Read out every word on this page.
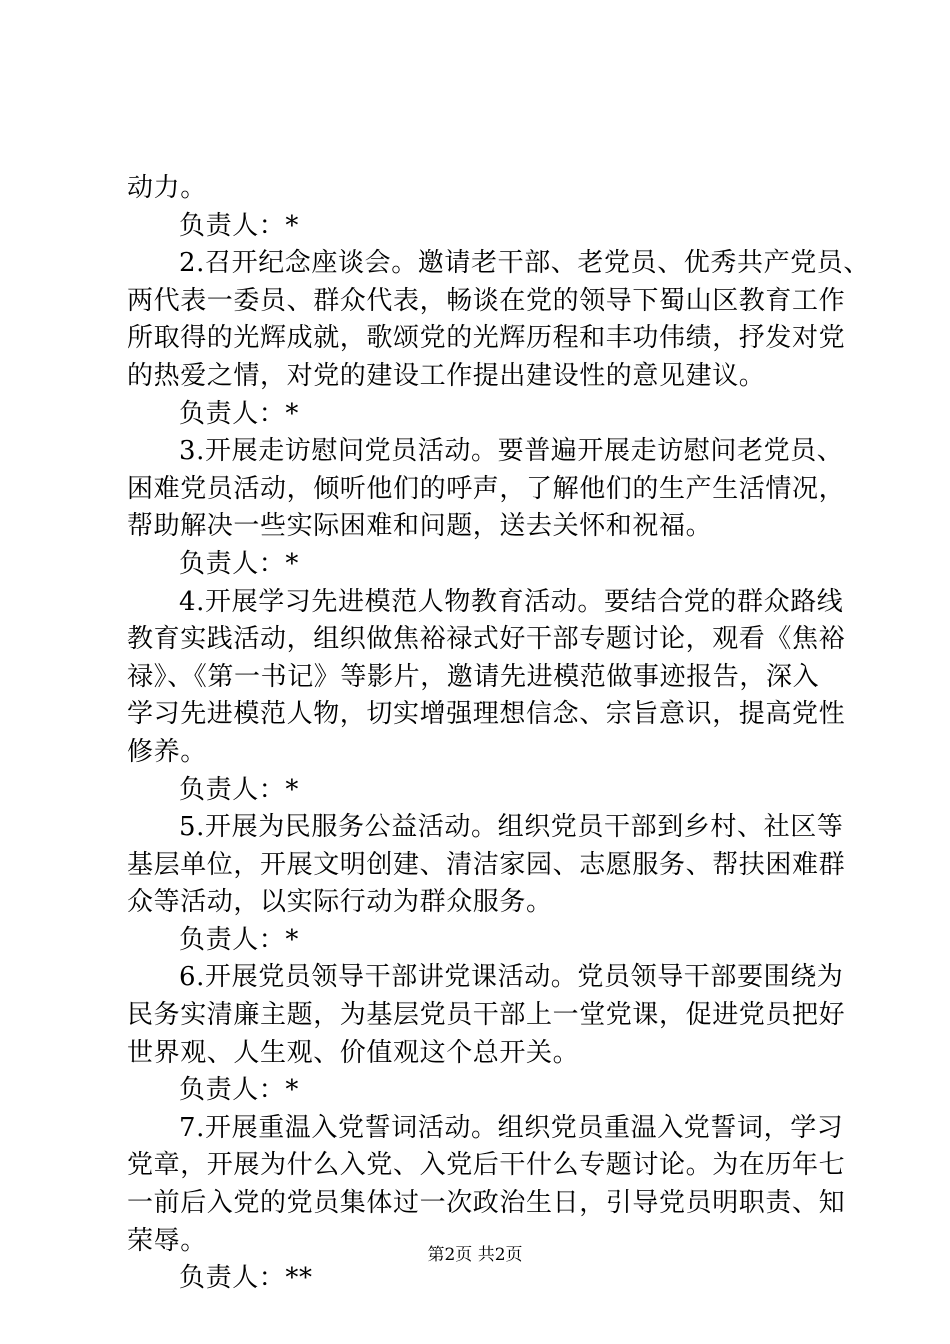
动力。
负责人：*
2.召开纪念座谈会。邀请老干部、老党员、优秀共产党员、
两代表一委员、群众代表，畅谈在党的领导下蜀山区教育工作
所取得的光辉成就，歌颂党的光辉历程和丰功伟绩，抒发对党
的热爱之情，对党的建设工作提出建设性的意见建议。
负责人：*
3.开展走访慰问党员活动。要普遍开展走访慰问老党员、
困难党员活动，倾听他们的呼声，了解他们的生产生活情况，
帮助解决一些实际困难和问题，送去关怀和祝福。
负责人：*
4.开展学习先进模范人物教育活动。要结合党的群众路线
教育实践活动，组织做焦裕禄式好干部专题讨论，观看《焦裕
禄》、《第一书记》等影片，邀请先进模范做事迹报告，深入
学习先进模范人物，切实增强理想信念、宗旨意识，提高党性
修养。
负责人：*
5.开展为民服务公益活动。组织党员干部到乡村、社区等
基层单位，开展文明创建、清洁家园、志愿服务、帮扶困难群
众等活动，以实际行动为群众服务。
负责人：*
6.开展党员领导干部讲党课活动。党员领导干部要围绕为
民务实清廉主题，为基层党员干部上一堂党课，促进党员把好
世界观、人生观、价值观这个总开关。
负责人：*
7.开展重温入党誓词活动。组织党员重温入党誓词，学习
党章，开展为什么入党、入党后干什么专题讨论。为在历年七
一前后入党的党员集体过一次政治生日，引导党员明职责、知
荣辱。
负责人：**
第2页 共2页
